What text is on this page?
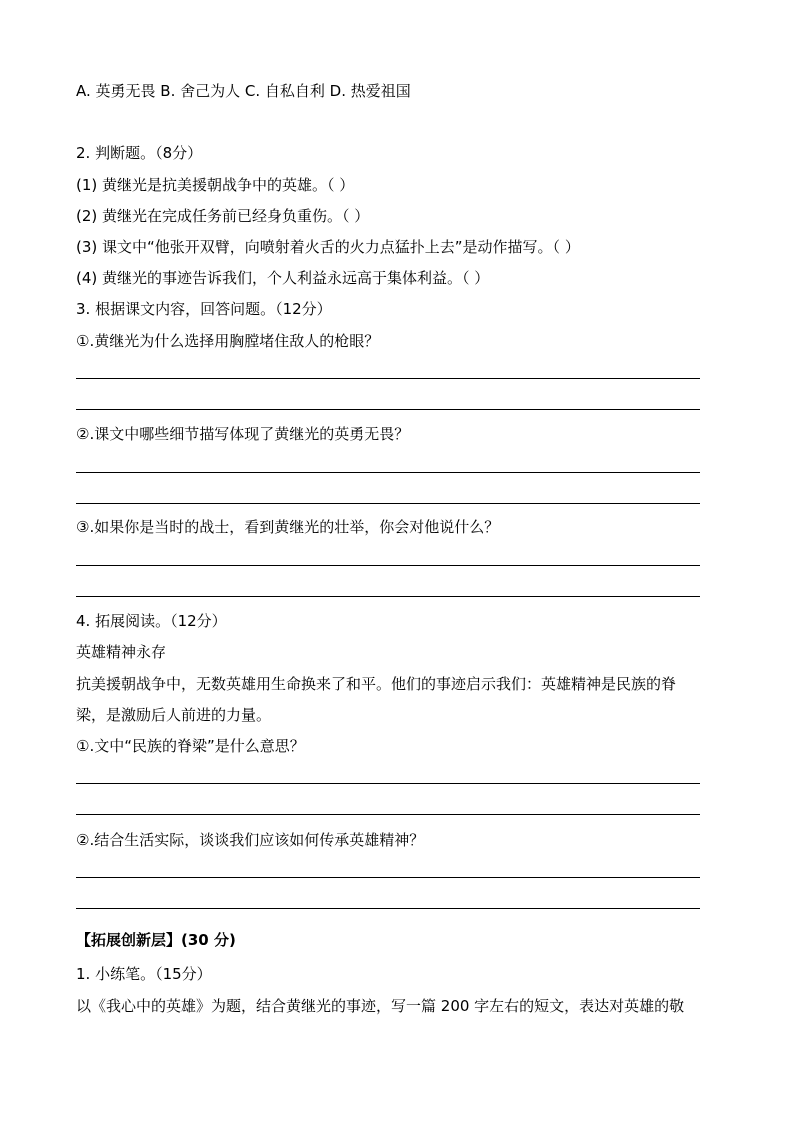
A. 英勇无畏 B. 舍己为人 C. 自私自利 D. 热爱祖国
2. 判断题。（8分）
(1) 黄继光是抗美援朝战争中的英雄。（ ）
(2) 黄继光在完成任务前已经身负重伤。（ ）
(3) 课文中“他张开双臂，向喷射着火舌的火力点猛扑上去”是动作描写。（ ）
(4) 黄继光的事迹告诉我们，个人利益永远高于集体利益。（ ）
3. 根据课文内容，回答问题。（12分）
①.黄继光为什么选择用胸膛堵住敌人的枪眼？
②.课文中哪些细节描写体现了黄继光的英勇无畏？
③.如果你是当时的战士，看到黄继光的壮举，你会对他说什么？
4. 拓展阅读。（12分）
英雄精神永存
抗美援朝战争中，无数英雄用生命换来了和平。他们的事迹启示我们：英雄精神是民族的脊
梁，是激励后人前进的力量。
①.文中“民族的脊梁”是什么意思？
②.结合生活实际，谈谈我们应该如何传承英雄精神？
【拓展创新层】(30 分)
1. 小练笔。（15分）
以《我心中的英雄》为题，结合黄继光的事迹，写一篇 200 字左右的短文，表达对英雄的敬
